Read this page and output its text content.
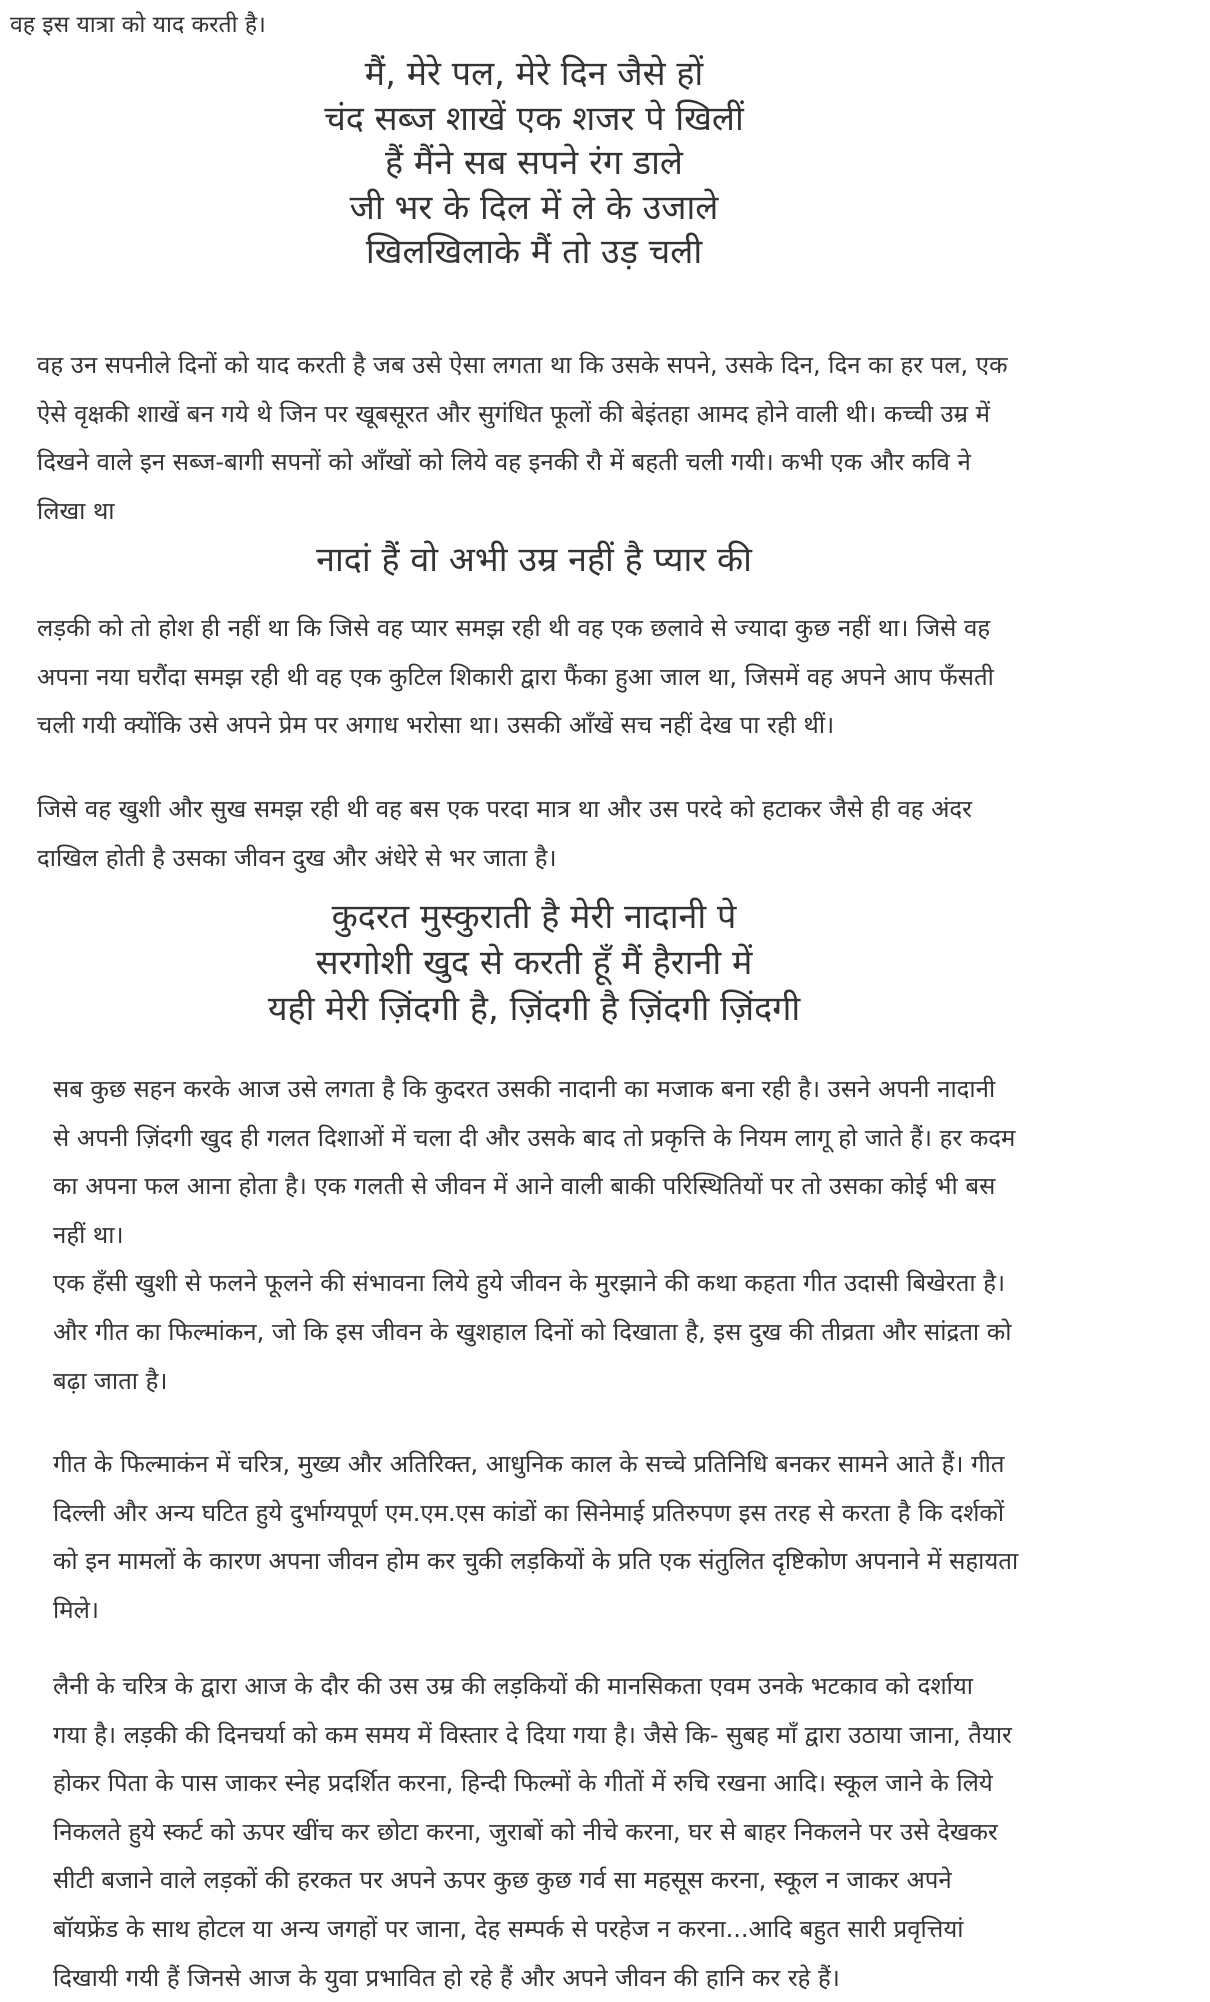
वह इस यात्रा को याद करती है।

मैं, मेरे पल, मेरे दिन जैसे हों
चंद सब्ज शाखें एक शजर पे खिलीं
हैं मैंने सब सपने रंग डाले
जी भर के दिल में ले के उजाले
खिलखिलाके मैं तो उड़ चली

वह उन सपनीले दिनों को याद करती है जब उसे ऐसा लगता था कि उसके सपने, उसके दिन, दिन का हर पल, एक
ऐसे वृक्षकी शाखें बन गये थे जिन पर खूबसूरत और सुगंधित फूलों की बेइंतहा आमद होने वाली थी। कच्ची उम्र में
दिखने वाले इन सब्ज-बागी सपनों को आँखों को लिये वह इनकी रौ में बहती चली गयी। कभी एक और कवि ने
लिखा था

नादां हैं वो अभी उम्र नहीं है प्यार की

लड़की को तो होश ही नहीं था कि जिसे वह प्यार समझ रही थी वह एक छलावे से ज्यादा कुछ नहीं था। जिसे वह
अपना नया घरौंदा समझ रही थी वह एक कुटिल शिकारी द्वारा फैंका हुआ जाल था, जिसमें वह अपने आप फँसती
चली गयी क्योंकि उसे अपने प्रेम पर अगाध भरोसा था। उसकी आँखें सच नहीं देख पा रही थीं।

जिसे वह खुशी और सुख समझ रही थी वह बस एक परदा मात्र था और उस परदे को हटाकर जैसे ही वह अंदर
दाखिल होती है उसका जीवन दुख और अंधेरे से भर जाता है।

कुदरत मुस्कुराती है मेरी नादानी पे
सरगोशी खुद से करती हूँ मैं हैरानी में
यही मेरी ज़िंदगी है, ज़िंदगी है ज़िंदगी ज़िंदगी

सब कुछ सहन करके आज उसे लगता है कि कुदरत उसकी नादानी का मजाक बना रही है। उसने अपनी नादानी
से अपनी ज़िंदगी खुद ही गलत दिशाओं में चला दी और उसके बाद तो प्रकृत्ति के नियम लागू हो जाते हैं। हर कदम
का अपना फल आना होता है। एक गलती से जीवन में आने वाली बाकी परिस्थितियों पर तो उसका कोई भी बस
नहीं था।
एक हँसी खुशी से फलने फूलने की संभावना लिये हुये जीवन के मुरझाने की कथा कहता गीत उदासी बिखेरता है।
और गीत का फिल्मांकन, जो कि इस जीवन के खुशहाल दिनों को दिखाता है, इस दुख की तीव्रता और सांद्रता को
बढ़ा जाता है।

गीत के फिल्माकंन में चरित्र, मुख्य और अतिरिक्त, आधुनिक काल के सच्चे प्रतिनिधि बनकर सामने आते हैं। गीत
दिल्ली और अन्य घटित हुये दुर्भाग्यपूर्ण एम.एम.एस कांडों का सिनेमाई प्रतिरुपण इस तरह से करता है कि दर्शकों
को इन मामलों के कारण अपना जीवन होम कर चुकी लड़कियों के प्रति एक संतुलित दृष्टिकोण अपनाने में सहायता
मिले।

लैनी के चरित्र के द्वारा आज के दौर की उस उम्र की लड़कियों की मानसिकता एवम उनके भटकाव को दर्शाया
गया है। लड़की की दिनचर्या को कम समय में विस्तार दे दिया गया है। जैसे कि- सुबह माँ द्वारा उठाया जाना, तैयार
होकर पिता के पास जाकर स्नेह प्रदर्शित करना, हिन्दी फिल्मों के गीतों में रुचि रखना आदि। स्कूल जाने के लिये
निकलते हुये स्कर्ट को ऊपर खींच कर छोटा करना, जुराबों को नीचे करना, घर से बाहर निकलने पर उसे देखकर
सीटी बजाने वाले लड़कों की हरकत पर अपने ऊपर कुछ कुछ गर्व सा महसूस करना, स्कूल न जाकर अपने
बॉयफ्रेंड के साथ होटल या अन्य जगहों पर जाना, देह सम्पर्क से परहेज न करना...आदि बहुत सारी प्रवृत्तियां
दिखायी गयी हैं जिनसे आज के युवा प्रभावित हो रहे हैं और अपने जीवन की हानि कर रहे हैं।
